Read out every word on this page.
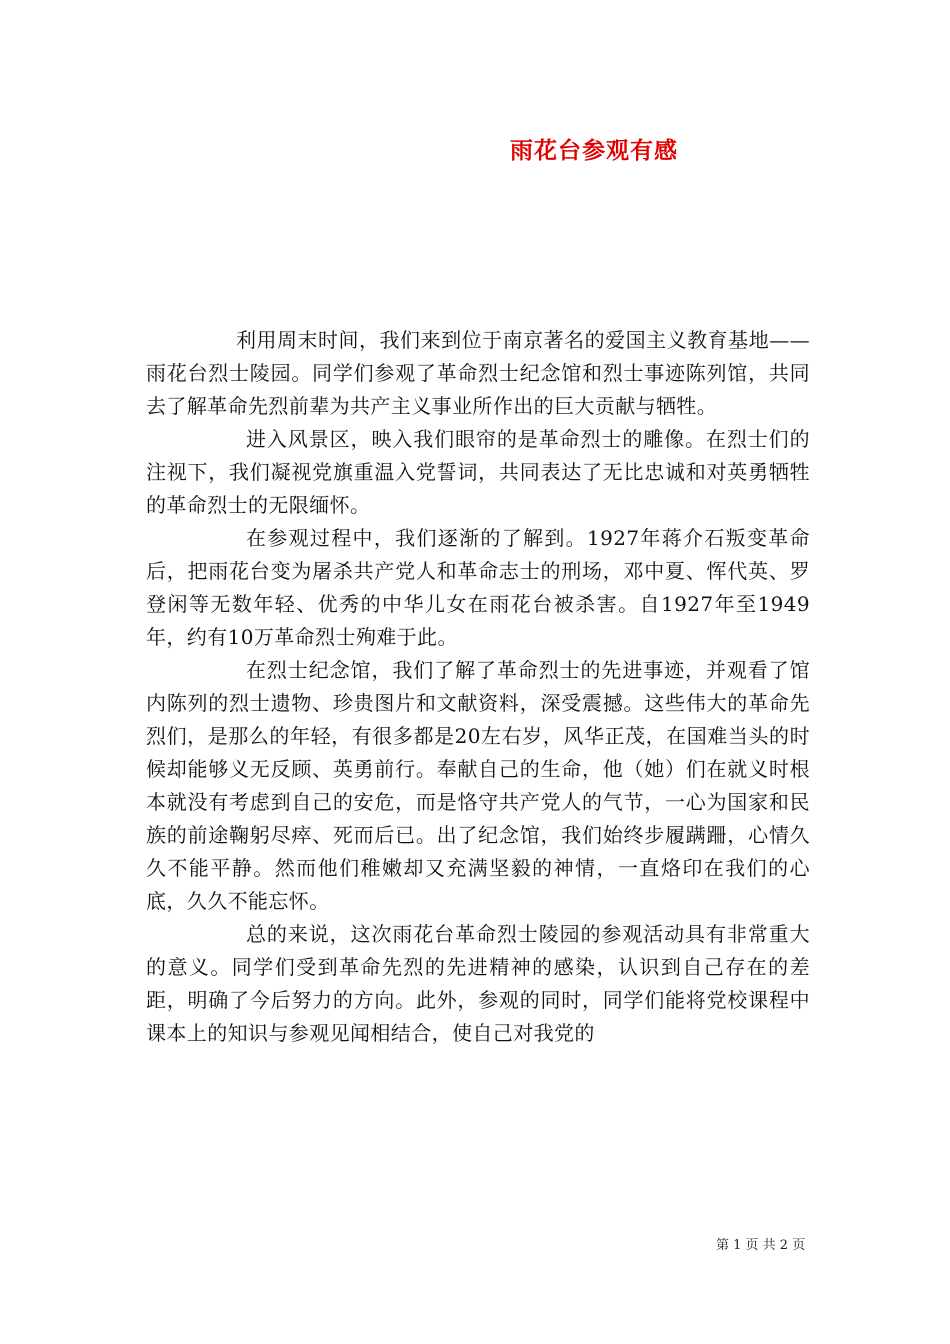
雨花台参观有感

利用周末时间，我们来到位于南京著名的爱国主义教育基地——雨花台烈士陵园。同学们参观了革命烈士纪念馆和烈士事迹陈列馆，共同去了解革命先烈前辈为共产主义事业所作出的巨大贡献与牺牲。

进入风景区，映入我们眼帘的是革命烈士的雕像。在烈士们的注视下，我们凝视党旗重温入党誓词，共同表达了无比忠诚和对英勇牺牲的革命烈士的无限缅怀。

在参观过程中，我们逐渐的了解到。1927年蒋介石叛变革命后，把雨花台变为屠杀共产党人和革命志士的刑场，邓中夏、恽代英、罗登闲等无数年轻、优秀的中华儿女在雨花台被杀害。自1927年至1949年，约有10万革命烈士殉难于此。

在烈士纪念馆，我们了解了革命烈士的先进事迹，并观看了馆内陈列的烈士遗物、珍贵图片和文献资料，深受震撼。这些伟大的革命先烈们，是那么的年轻，有很多都是20左右岁，风华正茂，在国难当头的时候却能够义无反顾、英勇前行。奉献自己的生命，他（她）们在就义时根本就没有考虑到自己的安危，而是恪守共产党人的气节，一心为国家和民族的前途鞠躬尽瘁、死而后已。出了纪念馆，我们始终步履蹒跚，心情久久不能平静。然而他们稚嫩却又充满坚毅的神情，一直烙印在我们的心底，久久不能忘怀。

总的来说，这次雨花台革命烈士陵园的参观活动具有非常重大的意义。同学们受到革命先烈的先进精神的感染，认识到自己存在的差距，明确了今后努力的方向。此外，参观的同时，同学们能将党校课程中课本上的知识与参观见闻相结合，使自己对我党的

第 1 页 共 2 页
